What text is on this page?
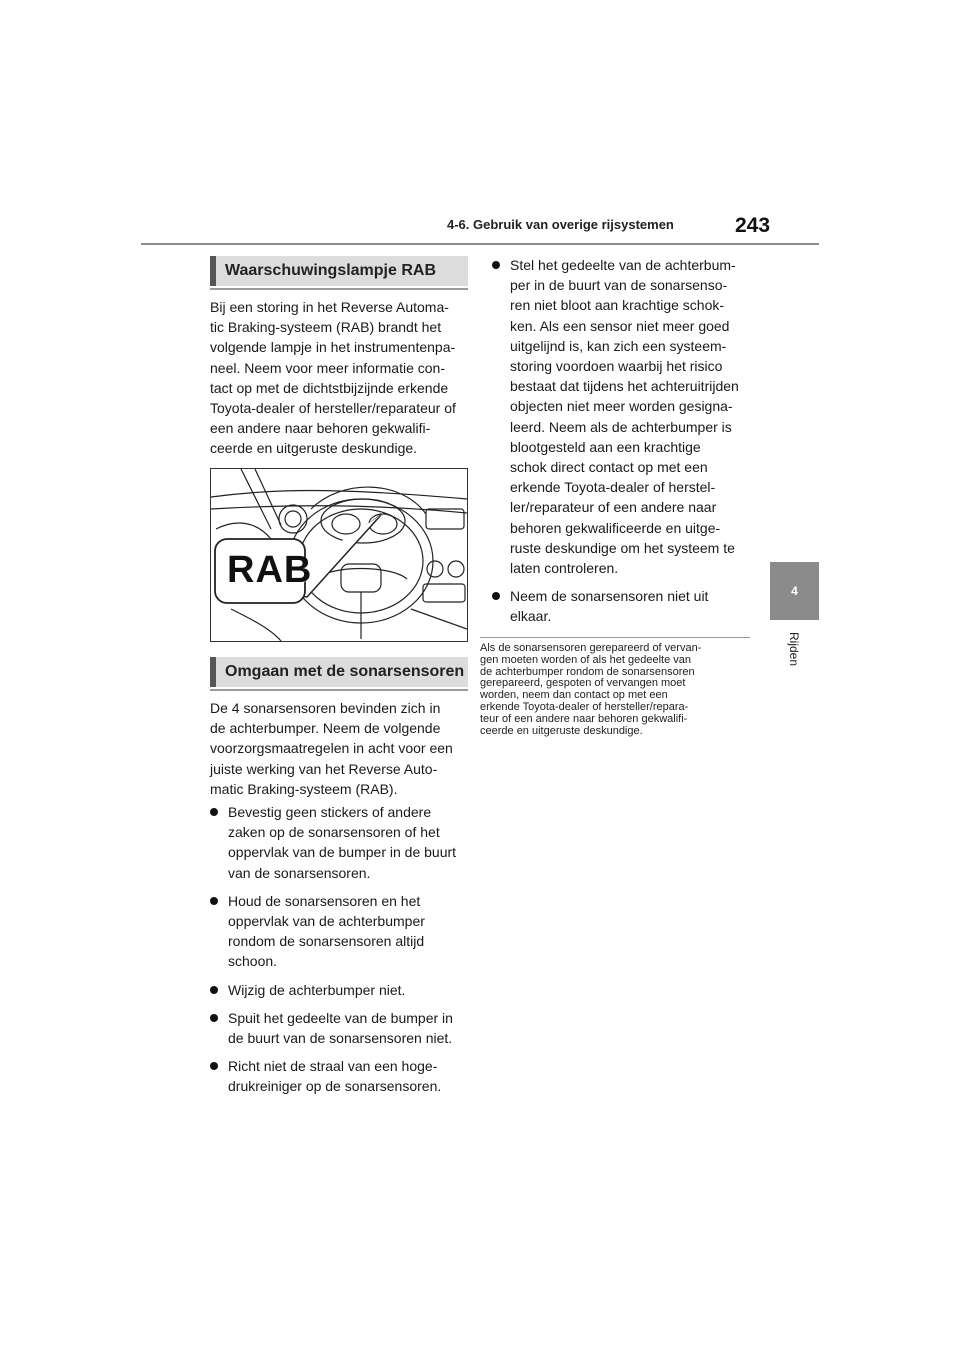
4-6. Gebruik van overige rijsystemen	243
4
Rijden
Waarschuwingslampje RAB

Bij een storing in het Reverse Automa-

tic Braking-systeem (RAB) brandt het

volgende lampje in het instrumentenpa-

neel. Neem voor meer informatie con-

tact op met de dichtstbijzijnde erkende

Toyota-dealer of hersteller/reparateur of

een andere naar behoren gekwalifi-

ceerde en uitgeruste deskundige.

RAB
Omgaan met de sonarsensoren

De 4 sonarsensoren bevinden zich in

de achterbumper. Neem de volgende

voorzorgsmaatregelen in acht voor een

juiste werking van het Reverse Auto-

matic Braking-systeem (RAB).

Bevestig geen stickers of andere
zaken op de sonarsensoren of het
oppervlak van de bumper in de buurt
van de sonarsensoren.
Houd de sonarsensoren en het
oppervlak van de achterbumper
rondom de sonarsensoren altijd
schoon.
Wijzig de achterbumper niet.
Spuit het gedeelte van de bumper in
de buurt van de sonarsensoren niet.
Richt niet de straal van een hoge-
drukreiniger op de sonarsensoren.
Stel het gedeelte van de achterbum-
per in de buurt van de sonarsenso-
ren niet bloot aan krachtige schok-
ken. Als een sensor niet meer goed
uitgelijnd is, kan zich een systeem-
storing voordoen waarbij het risico
bestaat dat tijdens het achteruitrijden
objecten niet meer worden gesigna-
leerd. Neem als de achterbumper is
blootgesteld aan een krachtige
schok direct contact op met een
erkende Toyota-dealer of herstel-
ler/reparateur of een andere naar
behoren gekwalificeerde en uitge-
ruste deskundige om het systeem te
laten controleren.
Neem de sonarsensoren niet uit
elkaar.

Als de sonarsensoren gerepareerd of vervan-

gen moeten worden of als het gedeelte van

de achterbumper rondom de sonarsensoren

gerepareerd, gespoten of vervangen moet

worden, neem dan contact op met een

erkende Toyota-dealer of hersteller/repara-

teur of een andere naar behoren gekwalifi-

ceerde en uitgeruste deskundige.
